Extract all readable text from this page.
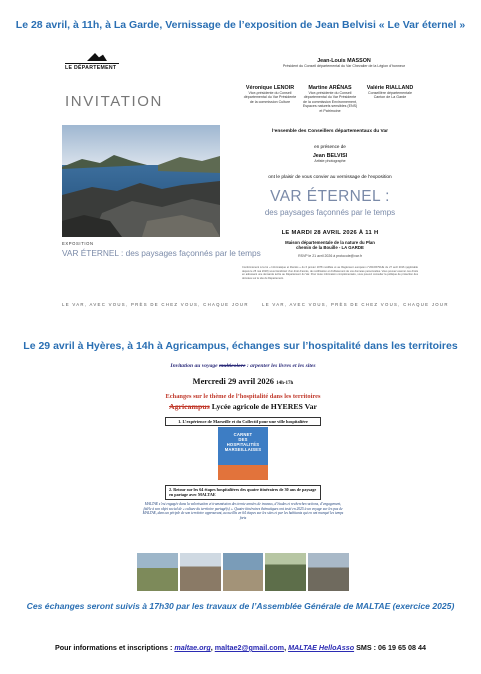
Le 28 avril, à 11h, à La Garde, Vernissage de l’exposition de Jean Belvisi « Le Var éternel »
LE DÉPARTEMENT
INVITATION
EXPOSITION
VAR ÉTERNEL : des paysages façonnés par le temps
LE VAR, AVEC VOUS, PRÈS DE CHEZ VOUS, CHAQUE JOUR	LE VAR, AVEC VOUS, PRÈS DE CHEZ VOUS, CHAQUE JOUR
Jean-Louis MASSON
Président du Conseil départemental du Var Chevalier de la Légion d’honneur
Véronique LENOIR
Vice-présidente du Conseil départemental du Var Présidente de la commission Culture
Martine ARÉNAS
Vice-présidente du Conseil départemental du Var Présidente de la commission Environnement, Espaces naturels sensibles (ENS) et Patrimoine
Valérie RIALLAND
Conseillère départementale Canton de La Garde
l’ensemble des Conseillers départementaux du Var
en présence de
Jean BELVISI
Artiste photographe
ont le plaisir de vous convier au vernissage de l’exposition
VAR ÉTERNEL :
des paysages façonnés par le temps
LE MARDI 28 AVRIL 2026 À 11 H
Maison départementale de la nature du Plan
chemin de la Bouille - LA GARDE
RSVP le 21 avril 2026 à protocole@var.fr
Conformément à la loi « Informatique et libertés » du 6 janvier 1978 modifiée et au Règlement européen n°2016/679/UE du 27 avril 2016 (applicable depuis le 25 mai 2018) vous bénéficiez d’un droit d’accès, de rectification et d’effacement de vos données personnelles. Vous pouvez exercer ces droits en adressant une demande écrite au Département du Var. Pour toute information complémentaire, vous pouvez consulter la politique de protection des données sur le site du Département.
Le 29 avril à Hyères, à 14h à Agricampus, échanges sur l’hospitalité dans les territoires
Invitation au voyage multicolore : arpenter les livres et les sites
Mercredi 29 avril 2026 14h-17h
Echanges sur le thème de l’hospitalité dans les territoires
Agricampus Lycée agricole de HYERES Var
1. L’expérience de Marseille et du Collectif pour une ville hospitalière
CARNET
DES
HOSPITALITÉS
MARSEILLAISES
2. Retour sur les 64 étapes hospitalières des quatre itinéraires de 30 ans de paysage en partage avec MALTAE
MALTAE s’est engagée dans la valorisation et transmission des trente années de travaux, d’études et recherches-actions, d’engagement, fidèle à son objet social de « culture du territoire partagé(s) ». Quatre itinéraires thématiques ont testé en 2025 à un voyage sur les pas de MALTAE, dans un périple de son territoire approuvant, accueillis en 64 étapes sur les sites et par les habitants qui en ont marqué les temps forts
Ces échanges seront suivis à 17h30 par les travaux de l’Assemblée Générale de MALTAE (exercice 2025)
Pour informations et inscriptions : maltae.org, maltae2@gmail.com, MALTAE HelloAsso SMS : 06 19 65 08 44
